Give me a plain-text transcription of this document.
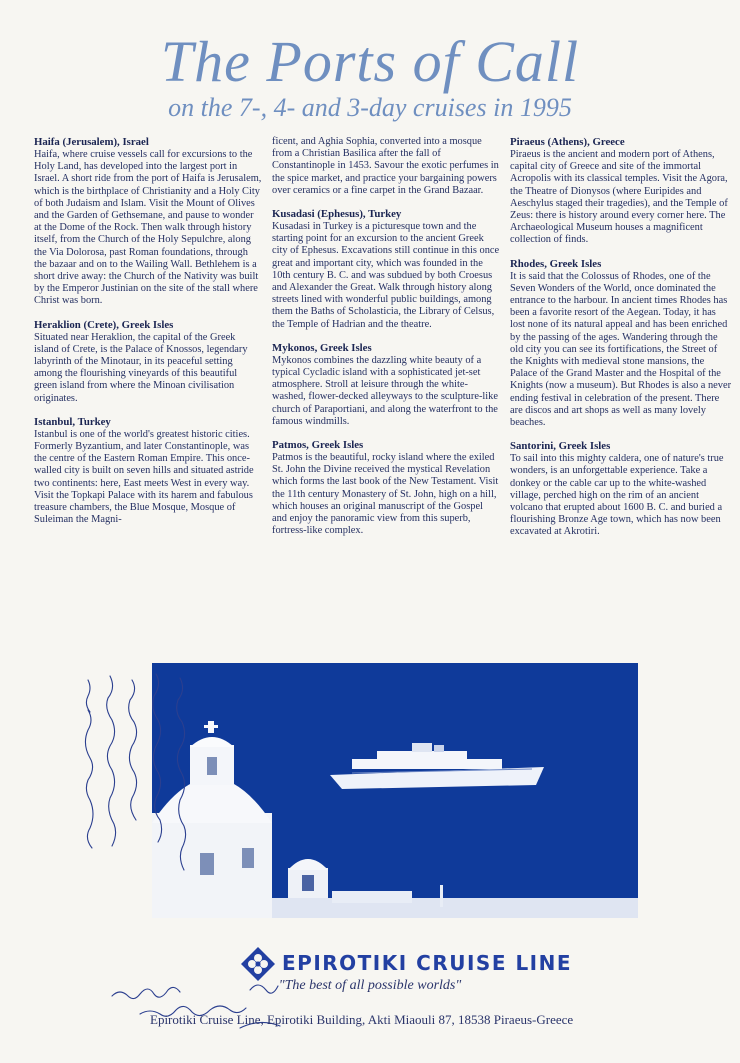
The Ports of Call
on the 7-, 4- and 3-day cruises in 1995
Haifa (Jerusalem), Israel

Haifa, where cruise vessels call for excursions to the Holy Land, has developed into the largest port in Israel. A short ride from the port of Haifa is Jerusalem, which is the birthplace of Christianity and a Holy City of both Judaism and Islam. Visit the Mount of Olives and the Garden of Gethsemane, and pause to wonder at the Dome of the Rock. Then walk through history itself, from the Church of the Holy Sepulchre, along the Via Dolorosa, past Roman foundations, through the bazaar and on to the Wailing Wall. Bethlehem is a short drive away: the Church of the Nativity was built by the Emperor Justinian on the site of the stall where Christ was born.

Heraklion (Crete), Greek Isles

Situated near Heraklion, the capital of the Greek island of Crete, is the Palace of Knossos, legendary labyrinth of the Minotaur, in its peaceful setting among the flourishing vineyards of this beautiful green island from where the Minoan civilisation originates.

Istanbul, Turkey

Istanbul is one of the world's greatest historic cities. Formerly Byzantium, and later Constantinople, was the centre of the Eastern Roman Empire. This once-walled city is built on seven hills and situated astride two continents: here, East meets West in every way. Visit the Topkapi Palace with its harem and fabulous treasure chambers, the Blue Mosque, Mosque of Suleiman the Magni-

ficent, and Aghia Sophia, converted into a mosque from a Christian Basilica after the fall of Constantinople in 1453. Savour the exotic perfumes in the spice market, and practice your bargaining powers over ceramics or a fine carpet in the Grand Bazaar.

Kusadasi (Ephesus), Turkey

Kusadasi in Turkey is a picturesque town and the starting point for an excursion to the ancient Greek city of Ephesus. Excavations still continue in this once great and important city, which was founded in the 10th century B. C. and was subdued by both Croesus and Alexander the Great. Walk through history along streets lined with wonderful public buildings, among them the Baths of Scholasticia, the Library of Celsus, the Temple of Hadrian and the theatre.

Mykonos, Greek Isles

Mykonos combines the dazzling white beauty of a typical Cycladic island with a sophisticated jet-set atmosphere. Stroll at leisure through the white-washed, flower-decked alleyways to the sculpture-like church of Paraportiani, and along the waterfront to the famous windmills.

Patmos, Greek Isles

Patmos is the beautiful, rocky island where the exiled St. John the Divine received the mystical Revelation which forms the last book of the New Testament. Visit the 11th century Monastery of St. John, high on a hill, which houses an original manuscript of the Gospel and enjoy the panoramic view from this superb, fortress-like complex.

Piraeus (Athens), Greece

Piraeus is the ancient and modern port of Athens, capital city of Greece and site of the immortal Acropolis with its classical temples. Visit the Agora, the Theatre of Dionysos (where Euripides and Aeschylus staged their tragedies), and the Temple of Zeus: there is history around every corner here. The Archaeological Museum houses a magnificent collection of finds.

Rhodes, Greek Isles

It is said that the Colossus of Rhodes, one of the Seven Wonders of the World, once dominated the entrance to the harbour. In ancient times Rhodes has been a favorite resort of the Aegean. Today, it has lost none of its natural appeal and has been enriched by the passing of the ages. Wandering through the old city you can see its fortifications, the Street of the Knights with medieval stone mansions, the Palace of the Grand Master and the Hospital of the Knights (now a museum). But Rhodes is also a never ending festival in celebration of the present. There are discos and art shops as well as many lovely beaches.

Santorini, Greek Isles

To sail into this mighty caldera, one of nature's true wonders, is an unforgettable experience. Take a donkey or the cable car up to the white-washed village, perched high on the rim of an ancient volcano that erupted about 1600 B. C. and buried a flourishing Bronze Age town, which has now been excavated at Akrotiri.

EPIROTIKI CRUISE LINE
"The best of all possible worlds"
Epirotiki Cruise Line, Epirotiki Building, Akti Miaouli 87, 18538 Piraeus-Greece
